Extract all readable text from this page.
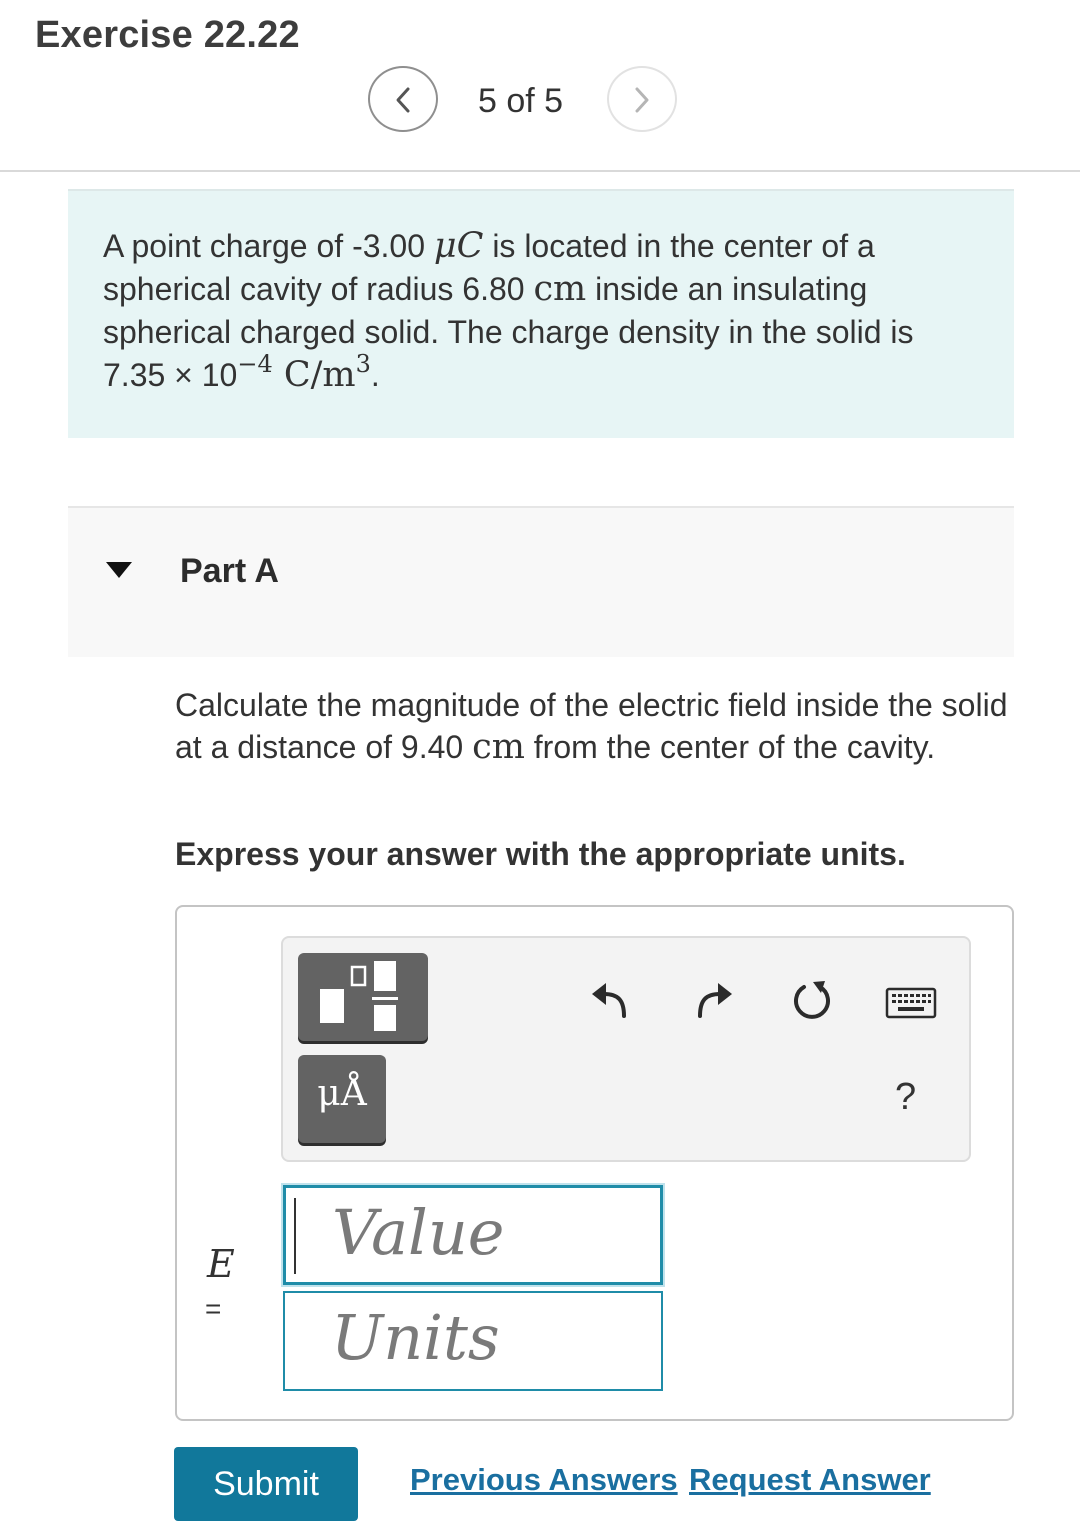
Exercise 22.22
5 of 5
A point charge of -3.00 μC is located in the center of a spherical cavity of radius 6.80 cm inside an insulating spherical charged solid. The charge density in the solid is $7.35 \times 10^{-4}$ $C/m^3$.
Part A
Calculate the magnitude of the electric field inside the solid at a distance of 9.40 cm from the center of the cavity.
Express your answer with the appropriate units.
μÅ	?
E
=
Value
Units
Submit	Previous Answers Request Answer
